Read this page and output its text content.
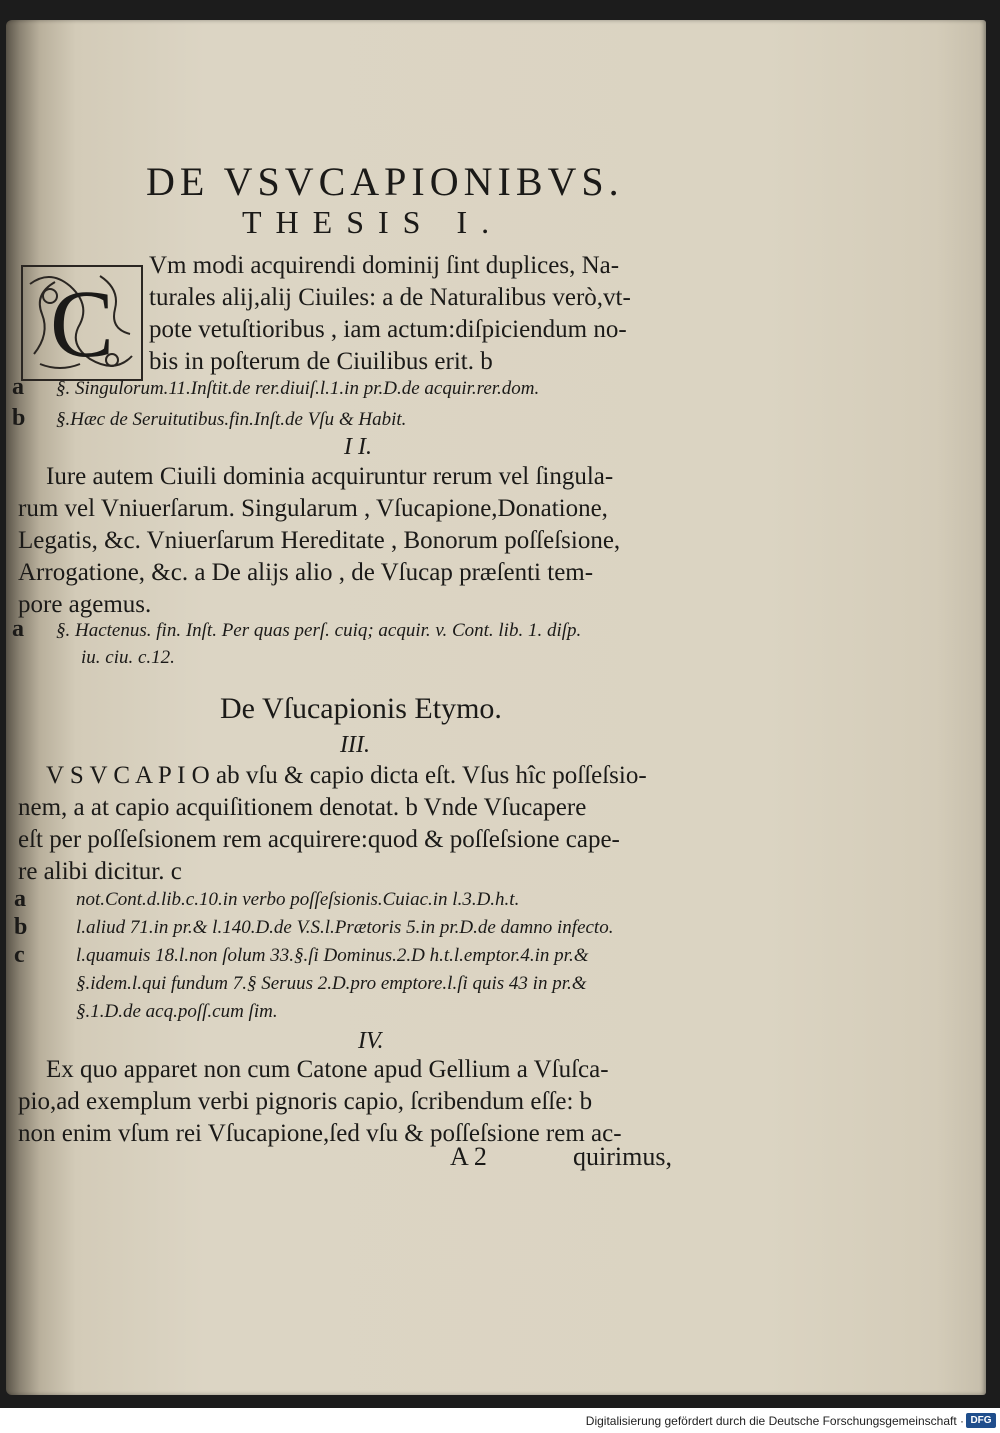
DE VSVCAPIONIBVS.
THESIS I.
C
Vm modi acquirendi dominij ſint duplices, Na-
turales alij,alij Ciuiles: a de Naturalibus verò,vt-
pote vetuſtioribus , iam actum:diſpiciendum no-
bis in poſterum de Ciuilibus erit. b
a §. Singulorum.11.Inſtit.de rer.diuiſ.l.1.in pr.D.de acquir.rer.dom.
b §.Hæc de Seruitutibus.fin.Inſt.de Vſu & Habit.
I I.
Iure autem Ciuili dominia acquiruntur rerum vel ſingula-
rum vel Vniuerſarum. Singularum , Vſucapione,Donatione,
Legatis, &c. Vniuerſarum Hereditate , Bonorum poſſeſsione,
Arrogatione, &c. a De alijs alio , de Vſucap præſenti tem-
pore agemus.
a §. Hactenus. fin. Inſt. Per quas perſ. cuiq; acquir. v. Cont. lib. 1. diſp.
iu. ciu. c.12.
De Vſucapionis Etymo.
III.
V S V C A P I O ab vſu & capio dicta eſt. Vſus hîc poſſeſsio-
nem, a at capio acquiſitionem denotat. b Vnde Vſucapere
eſt per poſſeſsionem rem acquirere:quod & poſſeſsione cape-
re alibi dicitur. c
a	not.Cont.d.lib.c.10.in verbo poſſeſsionis.Cuiac.in l.3.D.h.t.
b	l.aliud 71.in pr.& l.140.D.de V.S.l.Prætoris 5.in pr.D.de damno infecto.
c	l.quamuis 18.l.non ſolum 33.§.ſi Dominus.2.D h.t.l.emptor.4.in pr.&
§.idem.l.qui fundum 7.§ Seruus 2.D.pro emptore.l.ſi quis 43 in pr.&
§.1.D.de acq.poſſ.cum ſim.
IV.
Ex quo apparet non cum Catone apud Gellium a Vſuſca-
pio,ad exemplum verbi pignoris capio, ſcribendum eſſe: b
non enim vſum rei Vſucapione,ſed vſu & poſſeſsione rem ac-
A 2	quirimus,
Digitalisierung gefördert durch die Deutsche Forschungsgemeinschaft · DFG
